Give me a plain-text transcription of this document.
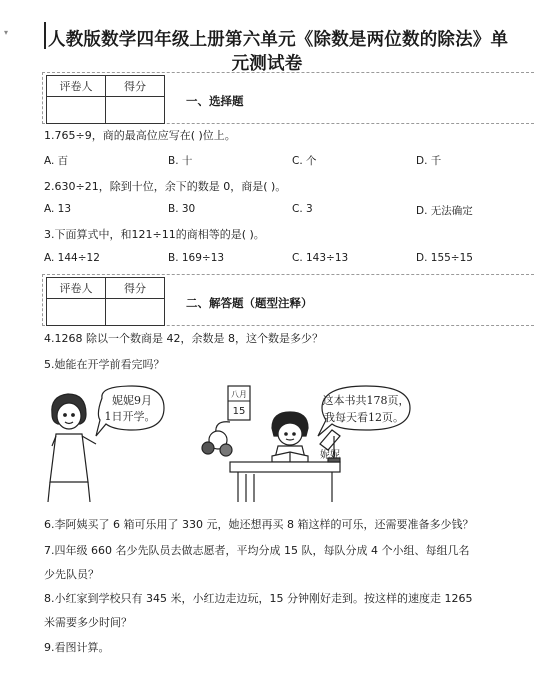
▾ 人教版数学四年级上册第六单元《除数是两位数的除法》单
元测试卷
评卷人	得分

一、选择题
1.765÷9，商的最高位应写在( )位上。
A. 百	B. 十	C. 个	D. 千
2.630÷21，除到十位，余下的数是 0，商是( )。
A. 13	B. 30	C. 3	D. 无法确定
3.下面算式中，和121÷11的商相等的是( )。
A. 144÷12	B. 169÷13	C. 143÷13	D. 155÷15
评卷人	得分

二、解答题（题型注释）
4.1268 除以一个数商是 42，余数是 8，这个数是多少？
5.她能在开学前看完吗？
妮妮9月
1日开学。
八月
15
这本书共178页，
我每天看12页。
妮妮
6.李阿姨买了 6 箱可乐用了 330 元，她还想再买 8 箱这样的可乐，还需要准备多少钱？
7.四年级 660 名少先队员去做志愿者，平均分成 15 队，每队分成 4 个小组、每组几名
少先队员？
8.小红家到学校只有 345 米，小红边走边玩，15 分钟刚好走到。按这样的速度走 1265
米需要多少时间？
9.看图计算。
